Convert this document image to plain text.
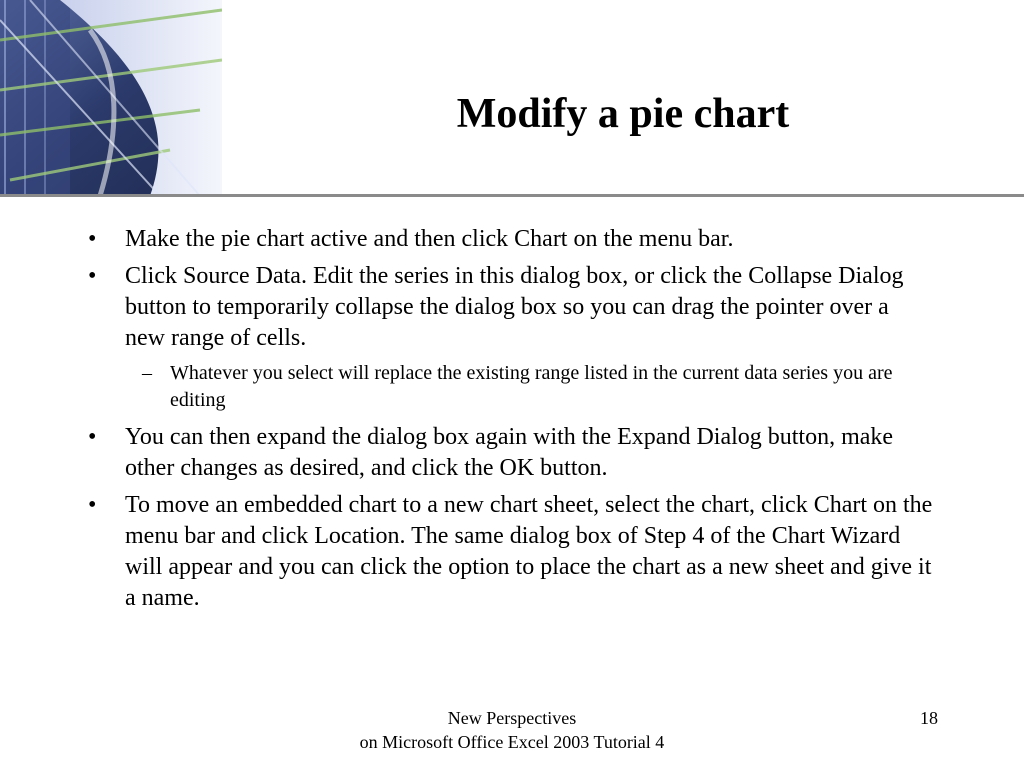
Modify a pie chart
• Make the pie chart active and then click Chart on the menu bar.
• Click Source Data. Edit the series in this dialog box, or click the Collapse Dialog button to temporarily collapse the dialog box so you can drag the pointer over a new range of cells.
– Whatever you select will replace the existing range listed in the current data series you are editing
• You can then expand the dialog box again with the Expand Dialog button, make other changes as desired, and click the OK button.
• To move an embedded chart to a new chart sheet, select the chart, click Chart on the menu bar and click Location. The same dialog box of Step 4 of the Chart Wizard will appear and you can click the option to place the chart as a new sheet and give it a name.
New Perspectives
on Microsoft Office Excel 2003 Tutorial 4
18
